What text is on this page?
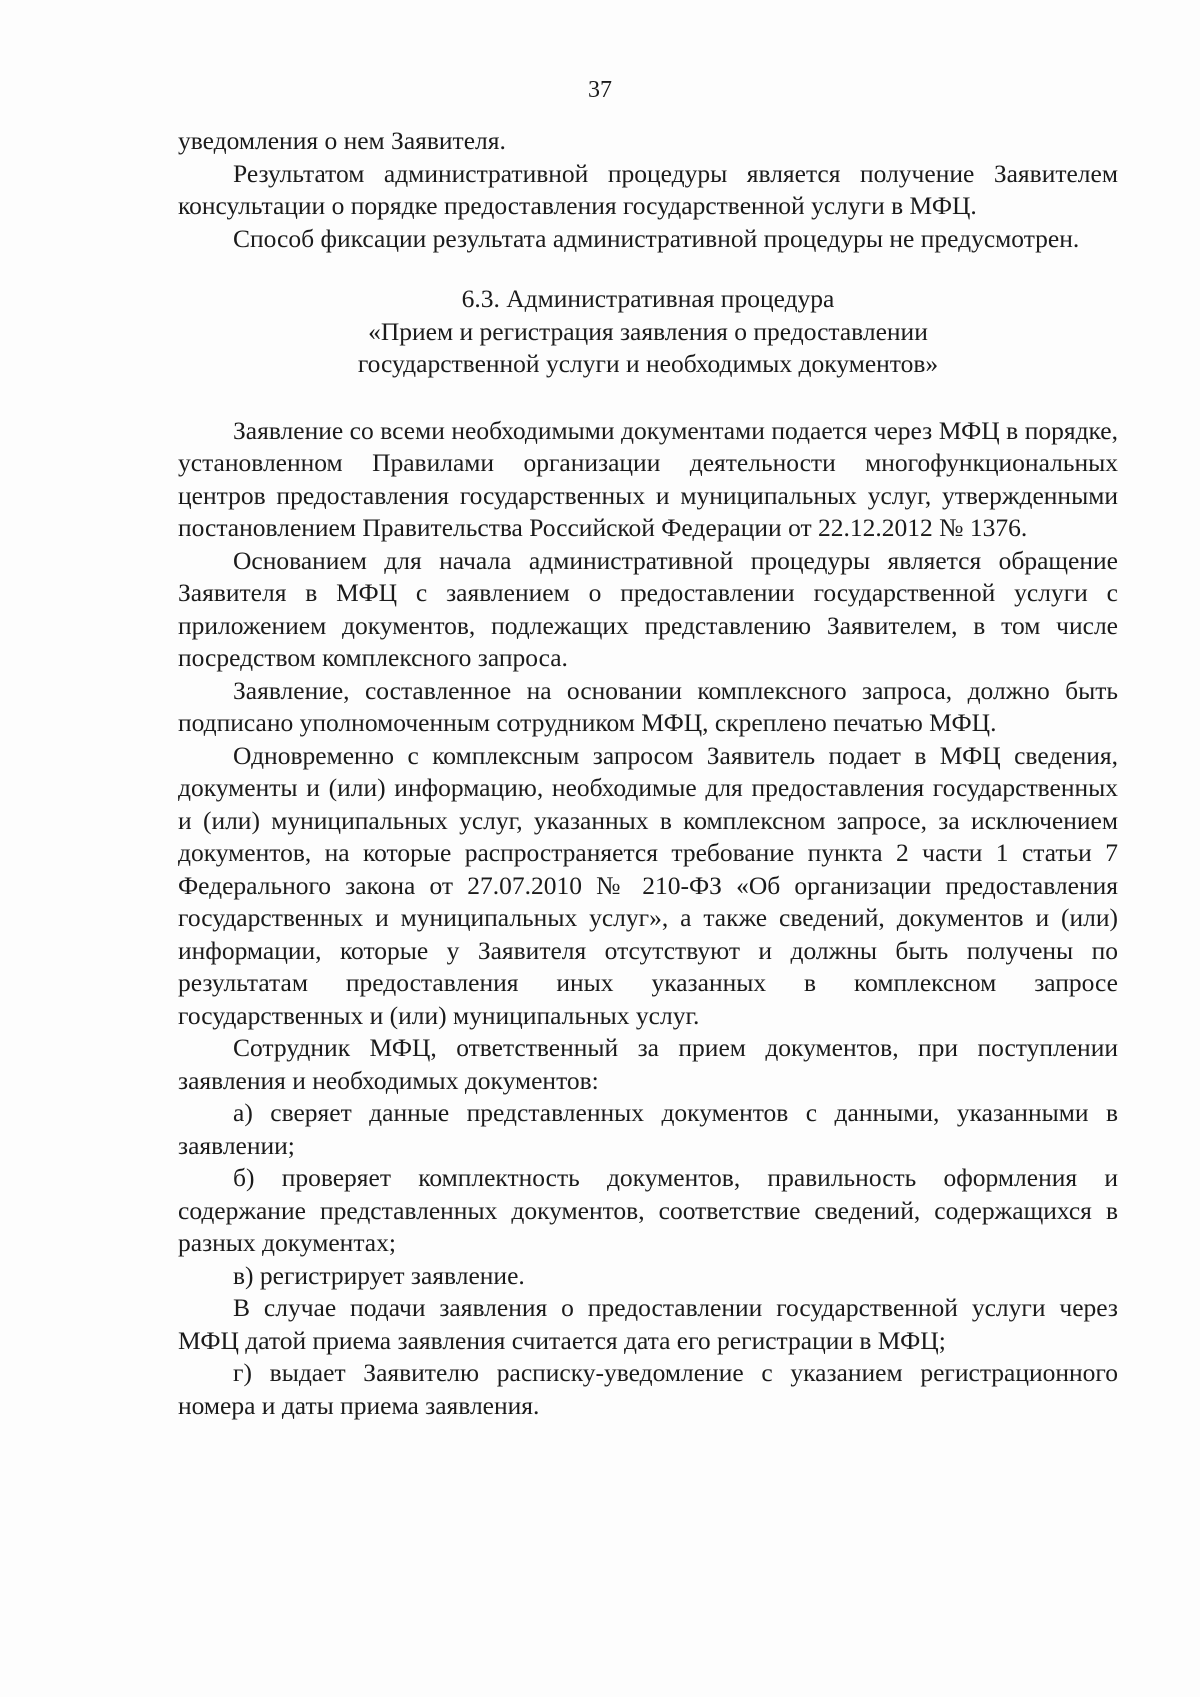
37

уведомления о нем Заявителя.

Результатом административной процедуры является получение Заявителем консультации о порядке предоставления государственной услуги в МФЦ.

Способ фиксации результата административной процедуры не предусмотрен.

6.3. Административная процедура
«Прием и регистрация заявления о предоставлении
государственной услуги и необходимых документов»

Заявление со всеми необходимыми документами подается через МФЦ в порядке, установленном Правилами организации деятельности многофункциональных центров предоставления государственных и муниципальных услуг, утвержденными постановлением Правительства Российской Федерации от 22.12.2012 № 1376.

Основанием для начала административной процедуры является обращение Заявителя в МФЦ с заявлением о предоставлении государственной услуги с приложением документов, подлежащих представлению Заявителем, в том числе посредством комплексного запроса.

Заявление, составленное на основании комплексного запроса, должно быть подписано уполномоченным сотрудником МФЦ, скреплено печатью МФЦ.

Одновременно с комплексным запросом Заявитель подает в МФЦ сведения, документы и (или) информацию, необходимые для предоставления государственных и (или) муниципальных услуг, указанных в комплексном запросе, за исключением документов, на которые распространяется требование пункта 2 части 1 статьи 7 Федерального закона от 27.07.2010 № 210-ФЗ «Об организации предоставления государственных и муниципальных услуг», а также сведений, документов и (или) информации, которые у Заявителя отсутствуют и должны быть получены по результатам предоставления иных указанных в комплексном запросе государственных и (или) муниципальных услуг.

Сотрудник МФЦ, ответственный за прием документов, при поступлении заявления и необходимых документов:

а) сверяет данные представленных документов с данными, указанными в заявлении;

б) проверяет комплектность документов, правильность оформления и содержание представленных документов, соответствие сведений, содержащихся в разных документах;

в) регистрирует заявление.

В случае подачи заявления о предоставлении государственной услуги через МФЦ датой приема заявления считается дата его регистрации в МФЦ;

г) выдает Заявителю расписку-уведомление с указанием регистрационного номера и даты приема заявления.
